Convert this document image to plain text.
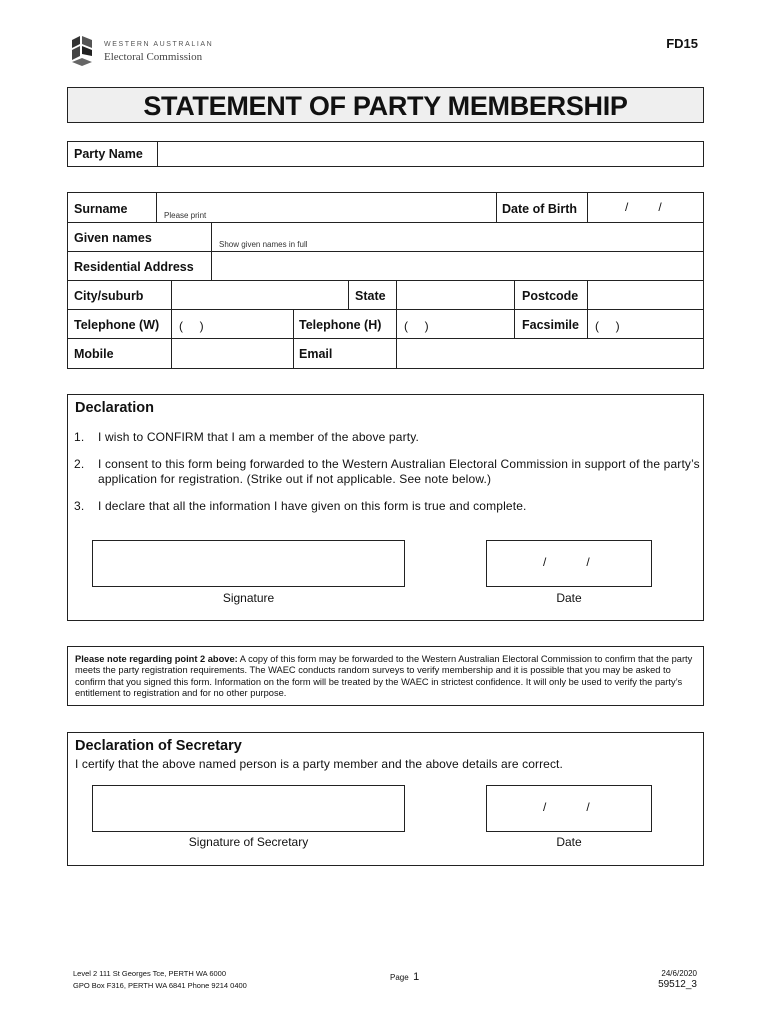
WESTERN AUSTRALIAN
Electoral Commission
FD15
STATEMENT OF PARTY MEMBERSHIP
Party Name
Surname	Please print	Date of Birth	/         /
Given names	Show given names in full
Residential Address
City/suburb	State	Postcode
Telephone (W) (     )	Telephone (H) (     )	Facsimile (     )
Mobile	Email
Declaration
1. I wish to CONFIRM that I am a member of the above party.
2. I consent to this form being forwarded to the Western Australian Electoral Commission in support of the party’s application for registration. (Strike out if not applicable. See note below.)
3. I declare that all the information I have given on this form is true and complete.
Signature
/            /
Date
Please note regarding point 2 above: A copy of this form may be forwarded to the Western Australian Electoral Commission to confirm that the party meets the party registration requirements. The WAEC conducts random surveys to verify membership and it is possible that you may be asked to confirm that you signed this form. Information on the form will be treated by the WAEC in strictest confidence. It will only be used to verify the party’s entitlement to registration and for no other purpose.
Declaration of Secretary
I certify that the above named person is a party member and the above details are correct.
Signature of Secretary
/            /
Date
Level 2 111 St Georges Tce, PERTH WA 6000
GPO Box F316, PERTH WA 6841 Phone 9214 0400
Page 1	24/6/2020
59512_3
